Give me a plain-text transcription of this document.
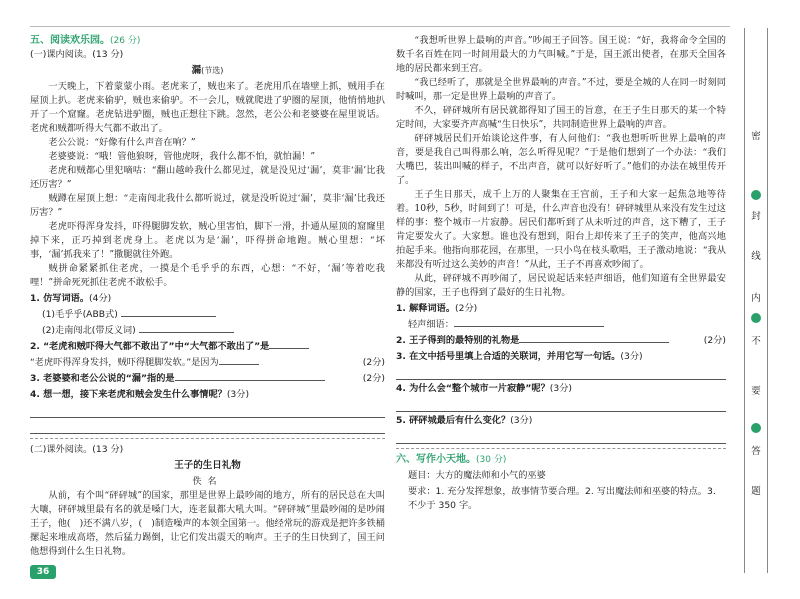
五、阅读欢乐园。(26 分)
(一)课内阅读。(13 分)
漏(节选)

一天晚上，下着蒙蒙小雨。老虎来了，贼也来了。老虎用爪在墙壁上抓，贼用手在屋顶上扒。老虎来偷驴，贼也来偷驴。不一会儿，贼就爬进了驴圈的屋顶，他悄悄地扒开了一个窟窿。老虎钻进驴圈，贼也正想往下跳。忽然，老公公和老婆婆在屋里说话。老虎和贼都听得大气都不敢出了。

老公公说：“好像有什么声音在响？”

老婆婆说：“哦！管他狼呀，管他虎呀，我什么都不怕，就怕漏！”

老虎和贼都心里犯嘀咕：“翻山越岭我什么都见过，就是没见过‘漏’，莫非‘漏’比我还厉害？”

贼蹲在屋顶上想：“走南闯北我什么都听说过，就是没听说过‘漏’，莫非‘漏’比我还厉害？”

老虎吓得浑身发抖，吓得腿脚发软，贼心里害怕，脚下一滑，扑通从屋顶的窟窿里掉下来，正巧掉到老虎身上。老虎以为是‘漏’，吓得拼命地跑。贼心里想：“坏事，‘漏’抓我来了！”撒腿就往外跑。

贼拼命紧紧抓住老虎，一摸是个毛乎乎的东西，心想：“不好，‘漏’等着吃我哩！”拼命死死抓住老虎不敢松手。

1. 仿写词语。(4分)
(1)毛乎乎(ABB式)
(2)走南闯北(带反义词)
2. “老虎和贼吓得大气都不敢出了”中“大气都不敢出了”是
“老虎吓得浑身发抖，贼吓得腿脚发软。”是因为	(2分)
3. 老婆婆和老公公说的“漏”指的是	(2分)
4. 想一想，接下来老虎和贼会发生什么事情呢？(3分)
(二)课外阅读。(13 分)
王子的生日礼物
佚名

从前，有个叫“砰砰城”的国家，那里是世界上最吵闹的地方，所有的居民总在大叫大嚷，砰砰城里最有名的就是嗓门大，连老鼠都大吼大叫。“砰砰城”里最吵闹的是吵闹王子，他(　)还不满八岁，(　)制造噪声的本领全国第一。他经常玩的游戏是把许多铁桶摞起来堆成高塔，然后猛力踢倒，让它们发出震天的响声。王子的生日快到了，国王问他想得到什么生日礼物。

“我想听世界上最响的声音。”吵闹王子回答。国王说：“好，我将命令全国的数千名百姓在同一时间用最大的力气叫喊。”于是，国王派出使者，在那天全国各地的居民都来到王宫。

“我已经听了，那就是全世界最响的声音。”不过，要是全城的人在同一时刻同时喊叫，那一定是世界上最响的声音了。

不久，砰砰城所有居民就都得知了国王的旨意，在王子生日那天的某一个特定时间，大家要齐声高喊“生日快乐”，共同制造世界上最响的声音。

砰砰城居民们开始谈论这件事，有人问他们：“我也想听听世界上最响的声音，要是我自己叫得那么响，怎么听得见呢？”于是他们想到了一个办法：“我们大嘴巴，装出叫喊的样子，不出声音，就可以好好听了。”他们的办法在城里传开了。

王子生日那天，成千上万的人聚集在王宫前，王子和大家一起焦急地等待着。10秒，5秒，时间到了！可是，什么声音也没有！砰砰城里从来没有发生过这样的事：整个城市一片寂静。居民们都听到了从未听过的声音，这下糟了，王子肯定要发火了。大家想。谁也没有想到，阳台上却传来了王子的笑声，他高兴地拍起手来。他指向那花园，在那里，一只小鸟在枝头歌唱，王子激动地说：“我从来都没有听过这么美妙的声音！”从此，王子不再喜欢吵闹了。

从此，砰砰城不再吵闹了，居民说起话来轻声细语，他们知道有全世界最安静的国家，王子也得到了最好的生日礼物。

1. 解释词语。(2分)
轻声细语：
2. 王子得到的最特别的礼物是	(2分)
3. 在文中括号里填上合适的关联词，并用它写一句话。(3分)
4. 为什么会“整个城市一片寂静”呢？(3分)
5. 砰砰城最后有什么变化？(3分)
六、写作小天地。(30 分)
题目：大方的魔法师和小气的巫婆
要求：1. 充分发挥想象，故事情节要合理。2. 写出魔法师和巫婆的特点。3. 不少于 350 字。
密
封
线
内
不
要
答
题
36
